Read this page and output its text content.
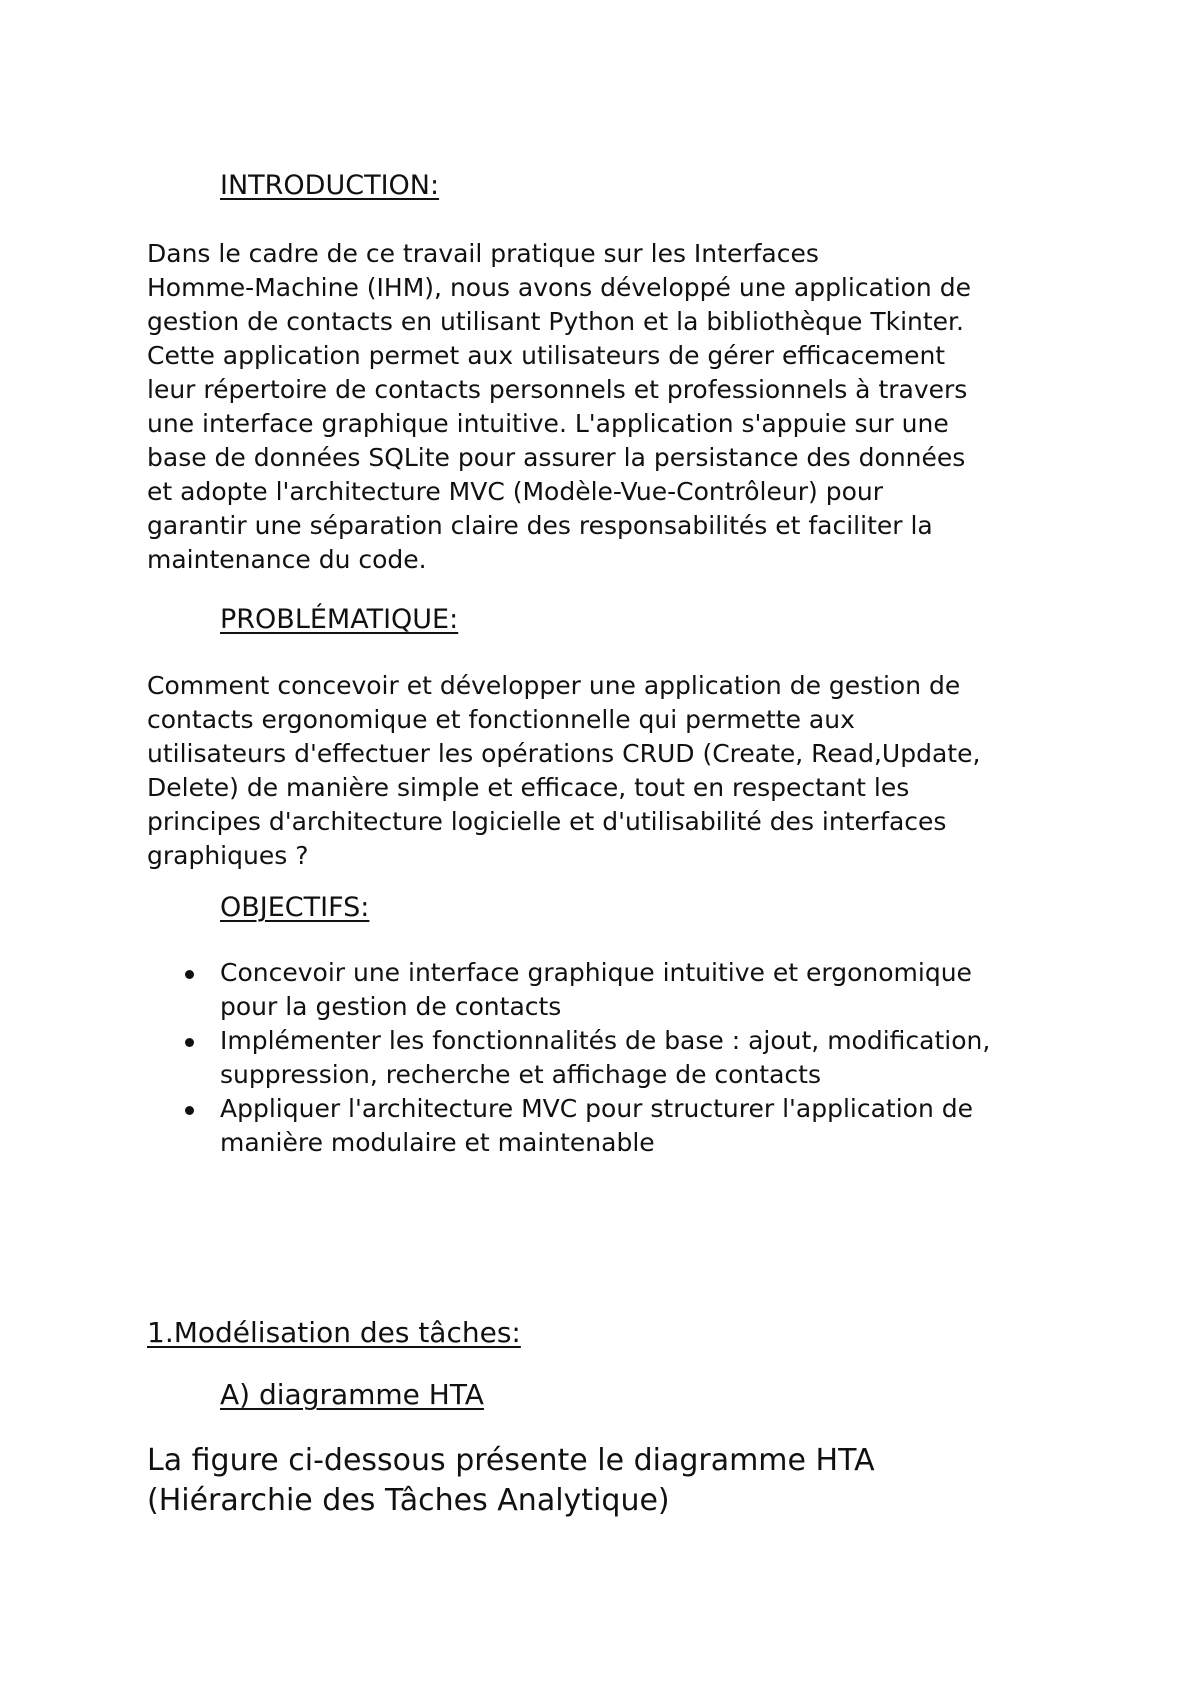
INTRODUCTION:

Dans le cadre de ce travail pratique sur les Interfaces
Homme-Machine (IHM), nous avons développé une application de
gestion de contacts en utilisant Python et la bibliothèque Tkinter.
Cette application permet aux utilisateurs de gérer efficacement
leur répertoire de contacts personnels et professionnels à travers
une interface graphique intuitive. L'application s'appuie sur une
base de données SQLite pour assurer la persistance des données
et adopte l'architecture MVC (Modèle-Vue-Contrôleur) pour
garantir une séparation claire des responsabilités et faciliter la
maintenance du code.

PROBLÉMATIQUE:

Comment concevoir et développer une application de gestion de
contacts ergonomique et fonctionnelle qui permette aux
utilisateurs d'effectuer les opérations CRUD (Create, Read,Update,
Delete) de manière simple et efficace, tout en respectant les
principes d'architecture logicielle et d'utilisabilité des interfaces
graphiques ?

OBJECTIFS:
Concevoir une interface graphique intuitive et ergonomique
pour la gestion de contacts
Implémenter les fonctionnalités de base : ajout, modification,
suppression, recherche et affichage de contacts
Appliquer l'architecture MVC pour structurer l'application de
manière modulaire et maintenable
1.Modélisation des tâches:
A) diagramme HTA

La figure ci-dessous présente le diagramme HTA
(Hiérarchie des Tâches Analytique)
